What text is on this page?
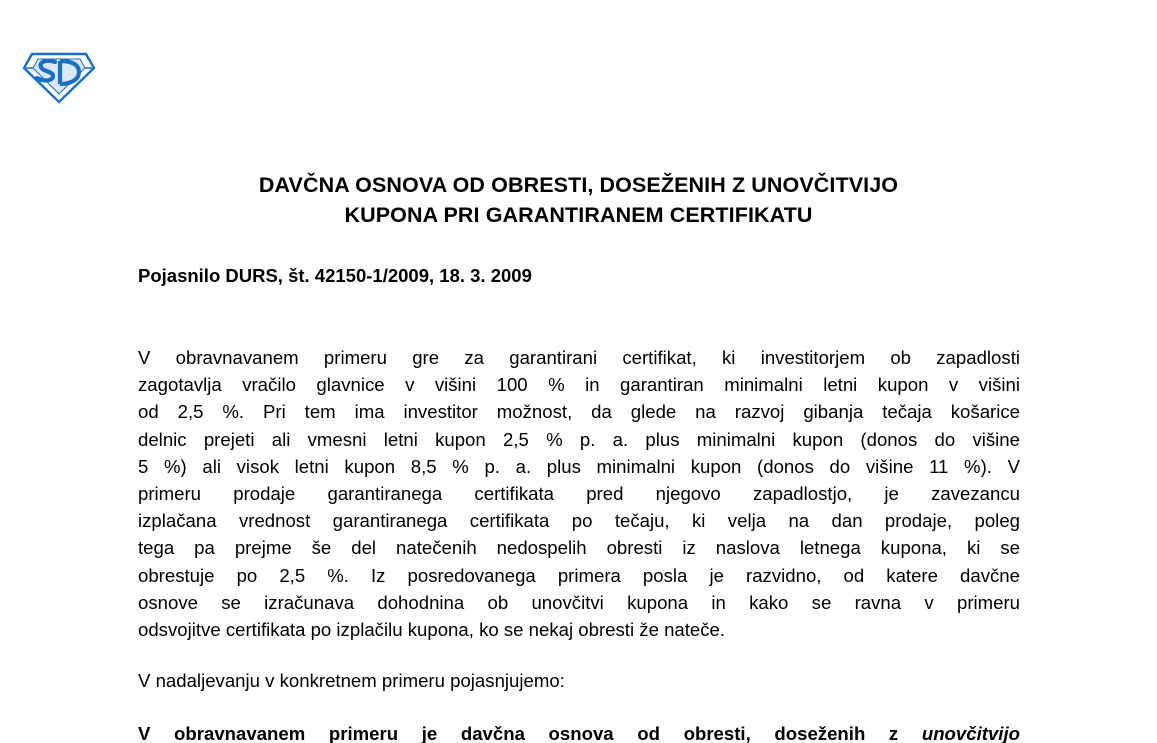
DAVČNA OSNOVA OD OBRESTI, DOSEŽENIH Z UNOVČITVIJO
KUPONA PRI GARANTIRANEM CERTIFIKATU
Pojasnilo DURS, št. 42150-1/2009, 18. 3. 2009
V obravnavanem primeru gre za garantirani certifikat, ki investitorjem ob zapadlosti
zagotavlja vračilo glavnice v višini 100 % in garantiran minimalni letni kupon v višini
od 2,5 %. Pri tem ima investitor možnost, da glede na razvoj gibanja tečaja košarice
delnic prejeti ali vmesni letni kupon 2,5 % p. a. plus minimalni kupon (donos do višine
5 %) ali visok letni kupon 8,5 % p. a. plus minimalni kupon (donos do višine 11 %). V
primeru prodaje garantiranega certifikata pred njegovo zapadlostjo, je zavezancu
izplačana vrednost garantiranega certifikata po tečaju, ki velja na dan prodaje, poleg
tega pa prejme še del natečenih nedospelih obresti iz naslova letnega kupona, ki se
obrestuje po 2,5 %. Iz posredovanega primera posla je razvidno, od katere davčne
osnove se izračunava dohodnina ob unovčitvi kupona in kako se ravna v primeru
odsvojitve certifikata po izplačilu kupona, ko se nekaj obresti že nateče.
V nadaljevanju v konkretnem primeru pojasnjujemo:
V obravnavanem primeru je davčna osnova od obresti, doseženih z unovčitvijo
